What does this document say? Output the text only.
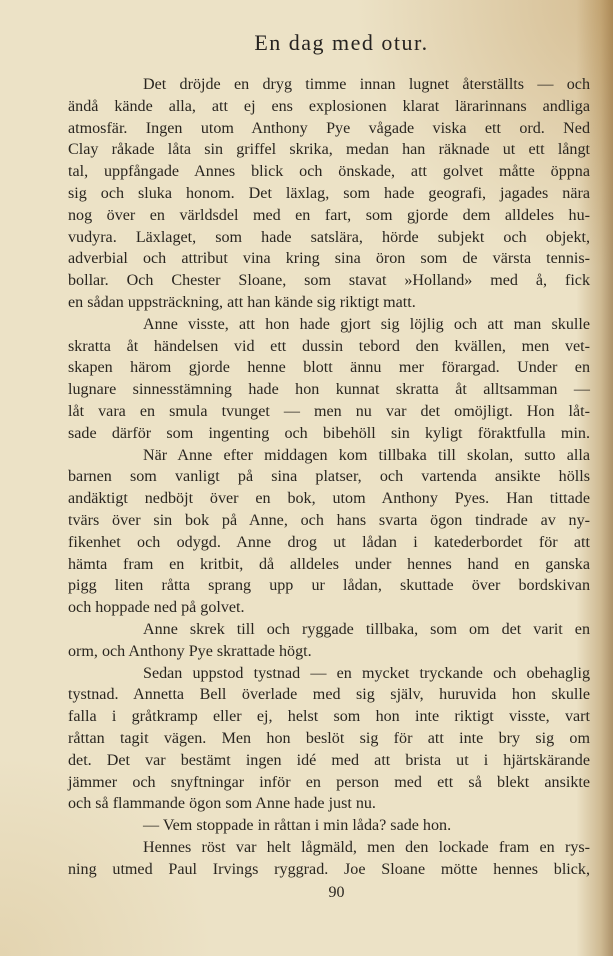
En dag med otur.
Det dröjde en dryg timme innan lugnet återställts — och
ändå kände alla, att ej ens explosionen klarat lärarinnans andliga
atmosfär. Ingen utom Anthony Pye vågade viska ett ord. Ned
Clay råkade låta sin griffel skrika, medan han räknade ut ett långt
tal, uppfångade Annes blick och önskade, att golvet måtte öppna
sig och sluka honom. Det läxlag, som hade geografi, jagades nära
nog över en världsdel med en fart, som gjorde dem alldeles hu-
vudyra. Läxlaget, som hade satslära, hörde subjekt och objekt,
adverbial och attribut vina kring sina öron som de värsta tennis-
bollar. Och Chester Sloane, som stavat »Holland» med å, fick
en sådan uppsträckning, att han kände sig riktigt matt.
Anne visste, att hon hade gjort sig löjlig och att man skulle
skratta åt händelsen vid ett dussin tebord den kvällen, men vet-
skapen härom gjorde henne blott ännu mer förargad. Under en
lugnare sinnesstämning hade hon kunnat skratta åt alltsamman —
låt vara en smula tvunget — men nu var det omöjligt. Hon låt-
sade därför som ingenting och bibehöll sin kyligt föraktfulla min.
När Anne efter middagen kom tillbaka till skolan, sutto alla
barnen som vanligt på sina platser, och vartenda ansikte hölls
andäktigt nedböjt över en bok, utom Anthony Pyes. Han tittade
tvärs över sin bok på Anne, och hans svarta ögon tindrade av ny-
fikenhet och odygd. Anne drog ut lådan i katederbordet för att
hämta fram en kritbit, då alldeles under hennes hand en ganska
pigg liten råtta sprang upp ur lådan, skuttade över bordskivan
och hoppade ned på golvet.
Anne skrek till och ryggade tillbaka, som om det varit en
orm, och Anthony Pye skrattade högt.
Sedan uppstod tystnad — en mycket tryckande och obehaglig
tystnad. Annetta Bell överlade med sig själv, huruvida hon skulle
falla i gråtkramp eller ej, helst som hon inte riktigt visste, vart
råttan tagit vägen. Men hon beslöt sig för att inte bry sig om
det. Det var bestämt ingen idé med att brista ut i hjärtskärande
jämmer och snyftningar inför en person med ett så blekt ansikte
och så flammande ögon som Anne hade just nu.
— Vem stoppade in råttan i min låda? sade hon.
Hennes röst var helt lågmäld, men den lockade fram en rys-
ning utmed Paul Irvings ryggrad. Joe Sloane mötte hennes blick,
90
